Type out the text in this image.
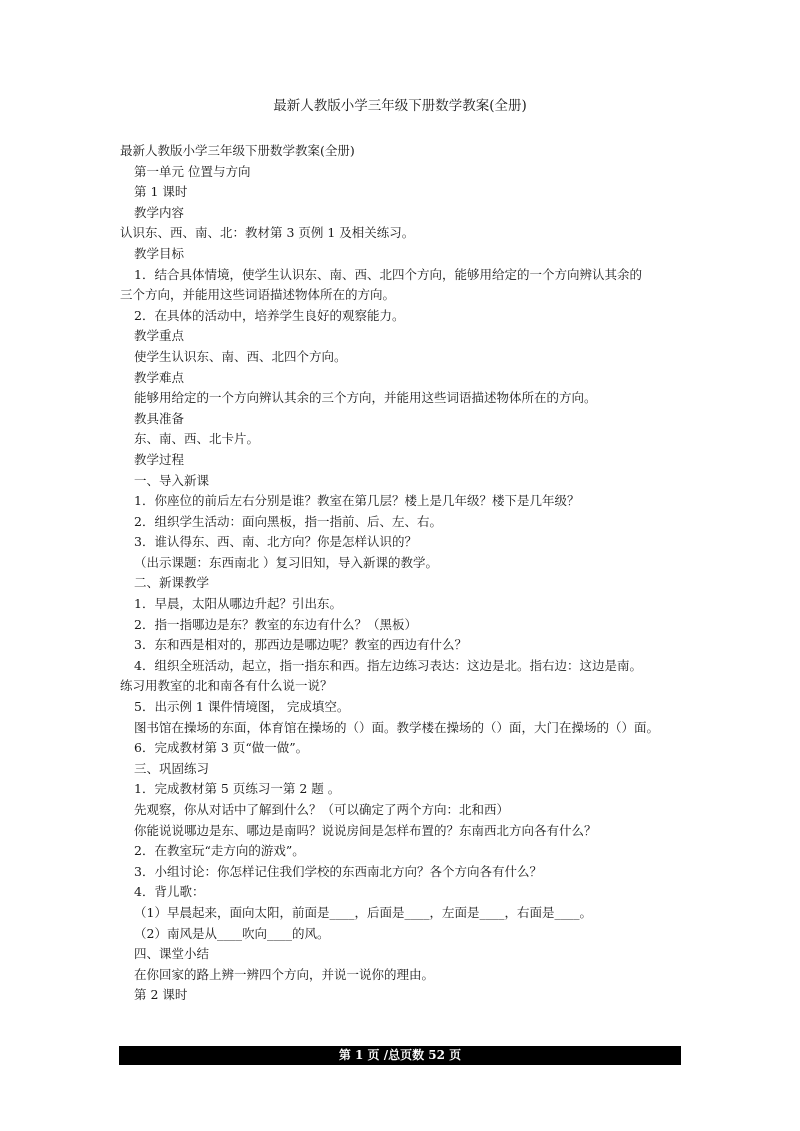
最新人教版小学三年级下册数学教案(全册)
最新人教版小学三年级下册数学教案(全册)
第一单元 位置与方向
第 1 课时
教学内容
认识东、西、南、北：教材第 3 页例 1 及相关练习。
教学目标
1．结合具体情境，使学生认识东、南、西、北四个方向，能够用给定的一个方向辨认其余的
三个方向，并能用这些词语描述物体所在的方向。
2．在具体的活动中，培养学生良好的观察能力。
教学重点
使学生认识东、南、西、北四个方向。
教学难点
能够用给定的一个方向辨认其余的三个方向，并能用这些词语描述物体所在的方向。
教具准备
东、南、西、北卡片。
教学过程
一、导入新课
1．你座位的前后左右分别是谁？教室在第几层？楼上是几年级？楼下是几年级？
2．组织学生活动：面向黑板，指一指前、后、左、右。
3．谁认得东、西、南、北方向？你是怎样认识的？
（出示课题：东西南北 ）复习旧知，导入新课的教学。
二、新课教学
1．早晨，太阳从哪边升起？引出东。
2．指一指哪边是东？教室的东边有什么？（黑板）
3．东和西是相对的，那西边是哪边呢？教室的西边有什么？
4．组织全班活动，起立，指一指东和西。指左边练习表达：这边是北。指右边：这边是南。
练习用教室的北和南各有什么说一说？
5．出示例 1 课件情境图， 完成填空。
图书馆在操场的东面，体育馆在操场的（）面。教学楼在操场的（）面，大门在操场的（）面。
6．完成教材第 3 页“做一做”。
三、巩固练习
1．完成教材第 5 页练习一第 2 题 。
先观察，你从对话中了解到什么？（可以确定了两个方向：北和西）
你能说说哪边是东、哪边是南吗？说说房间是怎样布置的？东南西北方向各有什么？
2．在教室玩“走方向的游戏”。
3．小组讨论：你怎样记住我们学校的东西南北方向？各个方向各有什么？
4．背儿歌：
（1）早晨起来，面向太阳，前面是____，后面是____，左面是____，右面是____。
（2）南风是从____吹向____的风。
四、课堂小结
在你回家的路上辨一辨四个方向，并说一说你的理由。
第 2 课时
第 1 页 /总页数 52 页
